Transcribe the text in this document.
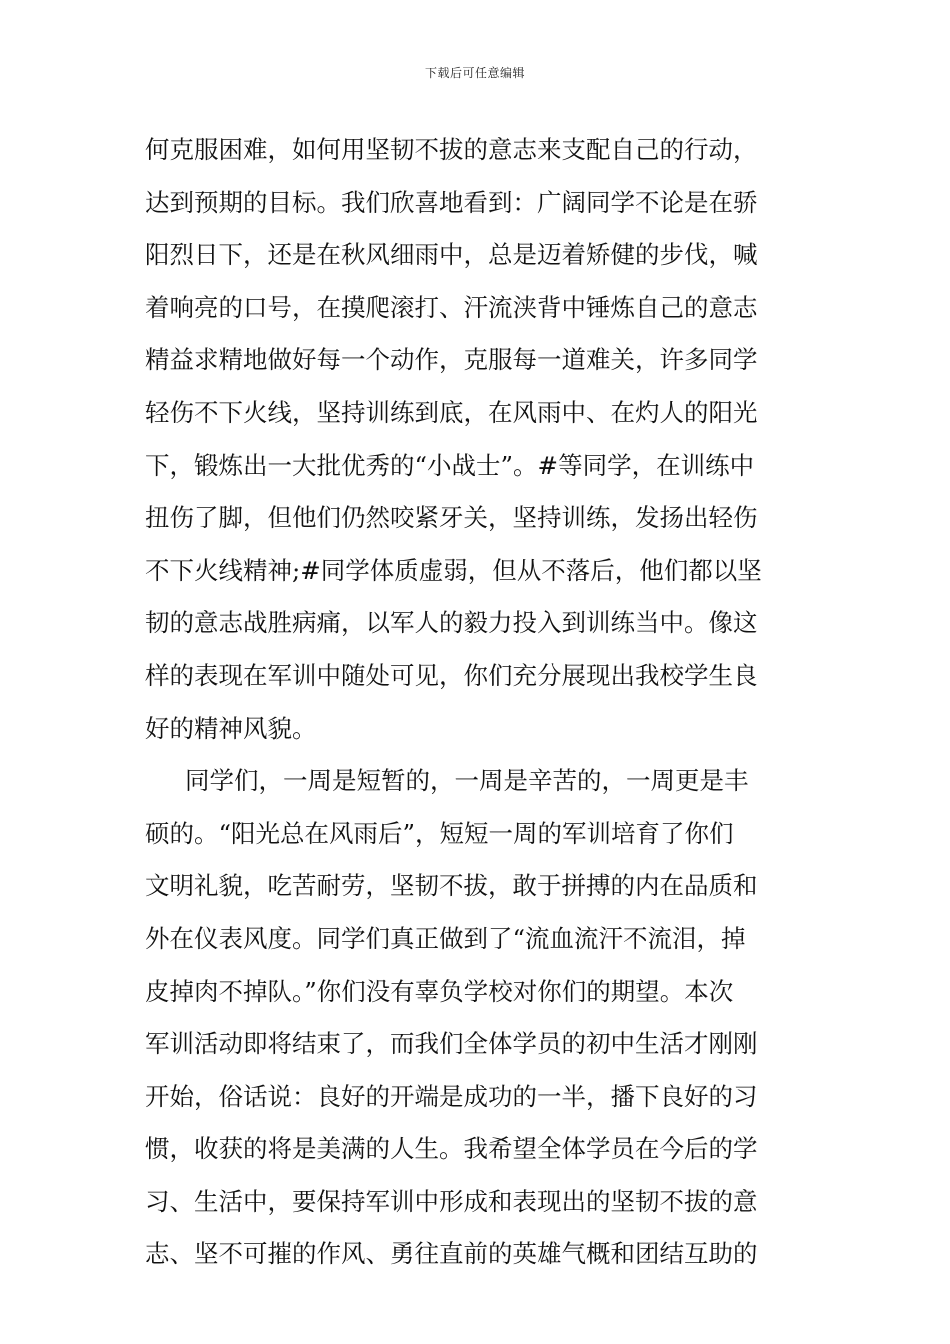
下载后可任意编辑
何克服困难，如何用坚韧不拔的意志来支配自己的行动，
达到预期的目标。我们欣喜地看到：广阔同学不论是在骄
阳烈日下，还是在秋风细雨中，总是迈着矫健的步伐，喊
着响亮的口号，在摸爬滚打、汗流浃背中锤炼自己的意志
精益求精地做好每一个动作，克服每一道难关，许多同学
轻伤不下火线，坚持训练到底，在风雨中、在灼人的阳光
下，锻炼出一大批优秀的“小战士”。#等同学，在训练中
扭伤了脚，但他们仍然咬紧牙关，坚持训练，发扬出轻伤
不下火线精神;#同学体质虚弱，但从不落后，他们都以坚
韧的意志战胜病痛，以军人的毅力投入到训练当中。像这
样的表现在军训中随处可见，你们充分展现出我校学生良
好的精神风貌。
同学们，一周是短暂的，一周是辛苦的，一周更是丰
硕的。“阳光总在风雨后”，短短一周的军训培育了你们
文明礼貌，吃苦耐劳，坚韧不拔，敢于拼搏的内在品质和
外在仪表风度。同学们真正做到了“流血流汗不流泪，掉
皮掉肉不掉队。”你们没有辜负学校对你们的期望。本次
军训活动即将结束了，而我们全体学员的初中生活才刚刚
开始，俗话说：良好的开端是成功的一半，播下良好的习
惯，收获的将是美满的人生。我希望全体学员在今后的学
习、生活中，要保持军训中形成和表现出的坚韧不拔的意
志、坚不可摧的作风、勇往直前的英雄气概和团结互助的
